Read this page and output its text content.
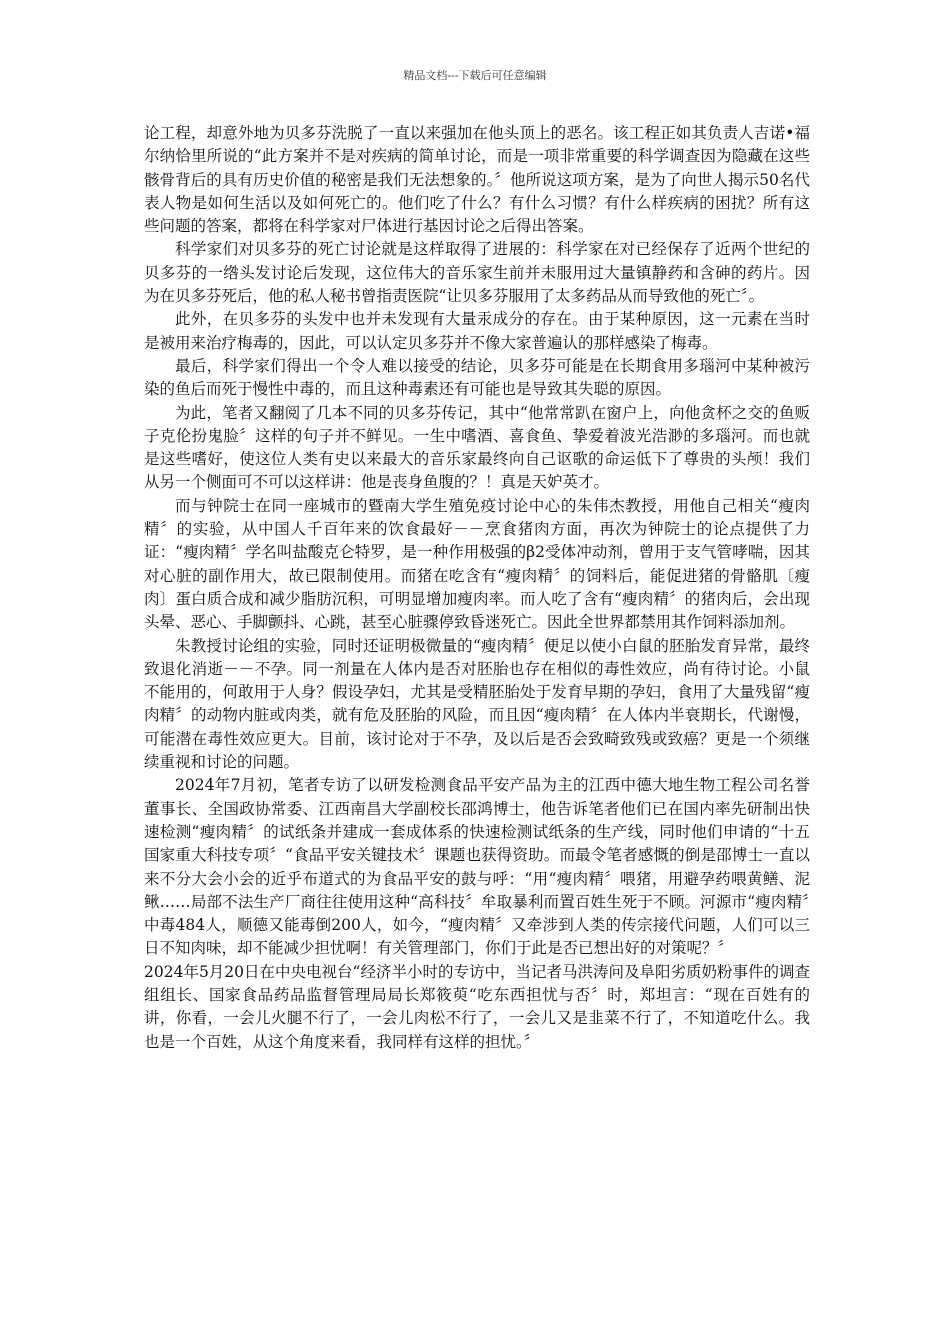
精品文档---下载后可任意编辑

论工程，却意外地为贝多芬洗脱了一直以来强加在他头顶上的恶名。该工程正如其负责人吉诺•福尔纳恰里所说的“此方案并不是对疾病的简单讨论，而是一项非常重要的科学调查因为隐藏在这些骸骨背后的具有历史价值的秘密是我们无法想象的。〞他所说这项方案，是为了向世人揭示50名代表人物是如何生活以及如何死亡的。他们吃了什么？有什么习惯？有什么样疾病的困扰？所有这些问题的答案，都将在科学家对尸体进行基因讨论之后得出答案。

科学家们对贝多芬的死亡讨论就是这样取得了进展的：科学家在对已经保存了近两个世纪的贝多芬的一绺头发讨论后发现，这位伟大的音乐家生前并未服用过大量镇静药和含砷的药片。因为在贝多芬死后，他的私人秘书曾指责医院“让贝多芬服用了太多药品从而导致他的死亡〞。

此外，在贝多芬的头发中也并未发现有大量汞成分的存在。由于某种原因，这一元素在当时是被用来治疗梅毒的，因此，可以认定贝多芬并不像大家普遍认的那样感染了梅毒。

最后，科学家们得出一个令人难以接受的结论，贝多芬可能是在长期食用多瑙河中某种被污染的鱼后而死于慢性中毒的，而且这种毒素还有可能也是导致其失聪的原因。

为此，笔者又翻阅了几本不同的贝多芬传记，其中“他常常趴在窗户上，向他贪杯之交的鱼贩子克伦扮鬼脸〞这样的句子并不鲜见。一生中嗜酒、喜食鱼、挚爱着波光浩渺的多瑙河。而也就是这些嗜好，使这位人类有史以来最大的音乐家最终向自己讴歌的命运低下了尊贵的头颅！我们从另一个侧面可不可以这样讲：他是丧身鱼腹的？！真是天妒英才。

而与钟院士在同一座城市的暨南大学生殖免疫讨论中心的朱伟杰教授，用他自己相关“瘦肉精〞的实验，从中国人千百年来的饮食最好－－烹食猪肉方面，再次为钟院士的论点提供了力证：“瘦肉精〞学名叫盐酸克仑特罗，是一种作用极强的β2受体冲动剂，曾用于支气管哮喘，因其对心脏的副作用大，故已限制使用。而猪在吃含有“瘦肉精〞的饲料后，能促进猪的骨骼肌〔瘦肉〕蛋白质合成和减少脂肪沉积，可明显增加瘦肉率。而人吃了含有“瘦肉精〞的猪肉后，会出现头晕、恶心、手脚颤抖、心跳，甚至心脏骤停致昏迷死亡。因此全世界都禁用其作饲料添加剂。

朱教授讨论组的实验，同时还证明极微量的“瘦肉精〞便足以使小白鼠的胚胎发育异常，最终致退化消逝－－不孕。同一剂量在人体内是否对胚胎也存在相似的毒性效应，尚有待讨论。小鼠不能用的，何敢用于人身？假设孕妇，尤其是受精胚胎处于发育早期的孕妇，食用了大量残留“瘦肉精〞的动物内脏或肉类，就有危及胚胎的风险，而且因“瘦肉精〞在人体内半衰期长，代谢慢，可能潜在毒性效应更大。目前，该讨论对于不孕，及以后是否会致畸致残或致癌？更是一个须继续重视和讨论的问题。

2024年7月初，笔者专访了以研发检测食品平安产品为主的江西中德大地生物工程公司名誉董事长、全国政协常委、江西南昌大学副校长邵鸿博士，他告诉笔者他们已在国内率先研制出快速检测“瘦肉精〞的试纸条并建成一套成体系的快速检测试纸条的生产线，同时他们申请的“十五国家重大科技专项〞“食品平安关键技术〞课题也获得资助。而最令笔者感慨的倒是邵博士一直以来不分大会小会的近乎布道式的为食品平安的鼓与呼：“用“瘦肉精〞喂猪，用避孕药喂黄鳝、泥鳅……局部不法生产厂商往往使用这种“高科技〞牟取暴利而置百姓生死于不顾。河源市“瘦肉精〞中毒484人，顺德又能毒倒200人，如今，“瘦肉精〞又牵涉到人类的传宗接代问题，人们可以三日不知肉味，却不能减少担忧啊！有关管理部门，你们于此是否已想出好的对策呢？〞

2024年5月20日在中央电视台“经济半小时的专访中，当记者马洪涛问及阜阳劣质奶粉事件的调查组组长、国家食品药品监督管理局局长郑筱萸“吃东西担忧与否〞时，郑坦言：“现在百姓有的讲，你看，一会儿火腿不行了，一会儿肉松不行了，一会儿又是韭菜不行了，不知道吃什么。我也是一个百姓，从这个角度来看，我同样有这样的担忧。〞
